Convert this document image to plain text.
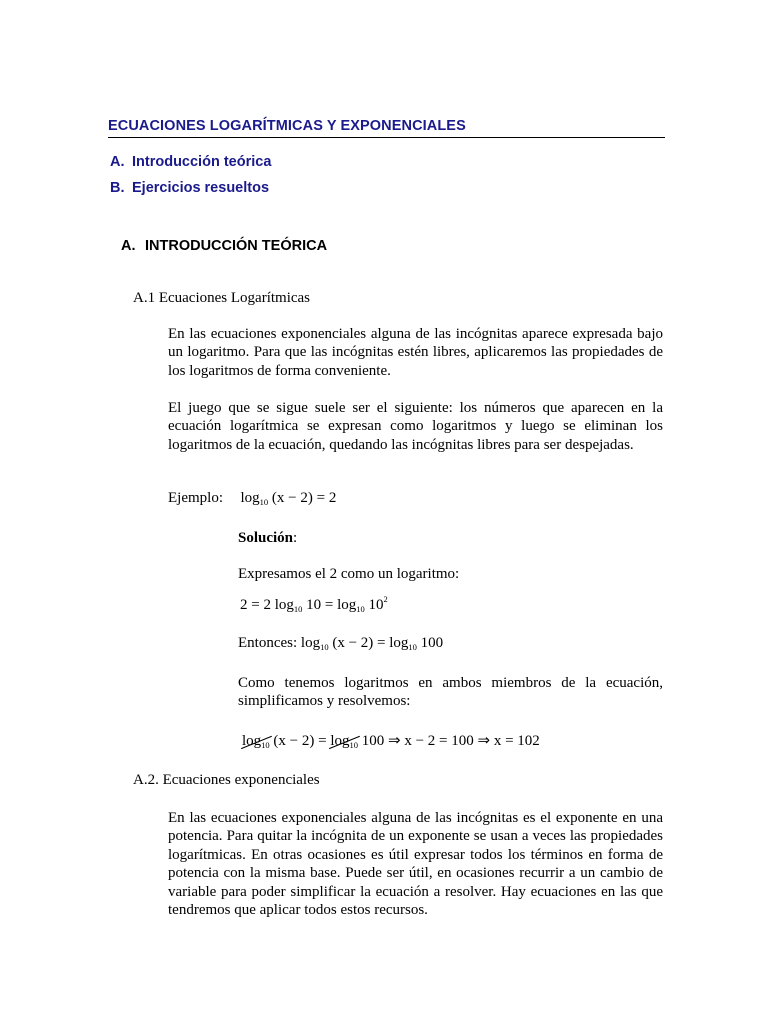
ECUACIONES LOGARÍTMICAS Y EXPONENCIALES
A. Introducción teórica
B. Ejercicios resueltos
A. INTRODUCCIÓN TEÓRICA
A.1 Ecuaciones Logarítmicas
En las ecuaciones exponenciales alguna de las incógnitas aparece expresada bajo un logaritmo. Para que las incógnitas estén libres, aplicaremos las propiedades de los logaritmos de forma conveniente.
El juego que se sigue suele ser el siguiente: los números que aparecen en la ecuación logarítmica se expresan como logaritmos y luego se eliminan los logaritmos de la ecuación, quedando las incógnitas libres para ser despejadas.
Ejemplo: $\log_{10} (x - 2) = 2$
Solución:
Expresamos el 2 como un logaritmo:
2 = 2 $\log_{10} 10 = \log_{10} 10^2$
Entonces: $\log_{10} (x - 2) = \log_{10} 100$
Como tenemos logaritmos en ambos miembros de la ecuación, simplificamos y resolvemos:
$\log_{10} (x - 2) = \log_{10} 100$ ⇒ x − 2 = 100 ⇒ x = 102
A.2. Ecuaciones exponenciales
En las ecuaciones exponenciales alguna de las incógnitas es el exponente en una potencia. Para quitar la incógnita de un exponente se usan a veces las propiedades logarítmicas. En otras ocasiones es útil expresar todos los términos en forma de potencia con la misma base. Puede ser útil, en ocasiones recurrir a un cambio de variable para poder simplificar la ecuación a resolver. Hay ecuaciones en las que tendremos que aplicar todos estos recursos.
